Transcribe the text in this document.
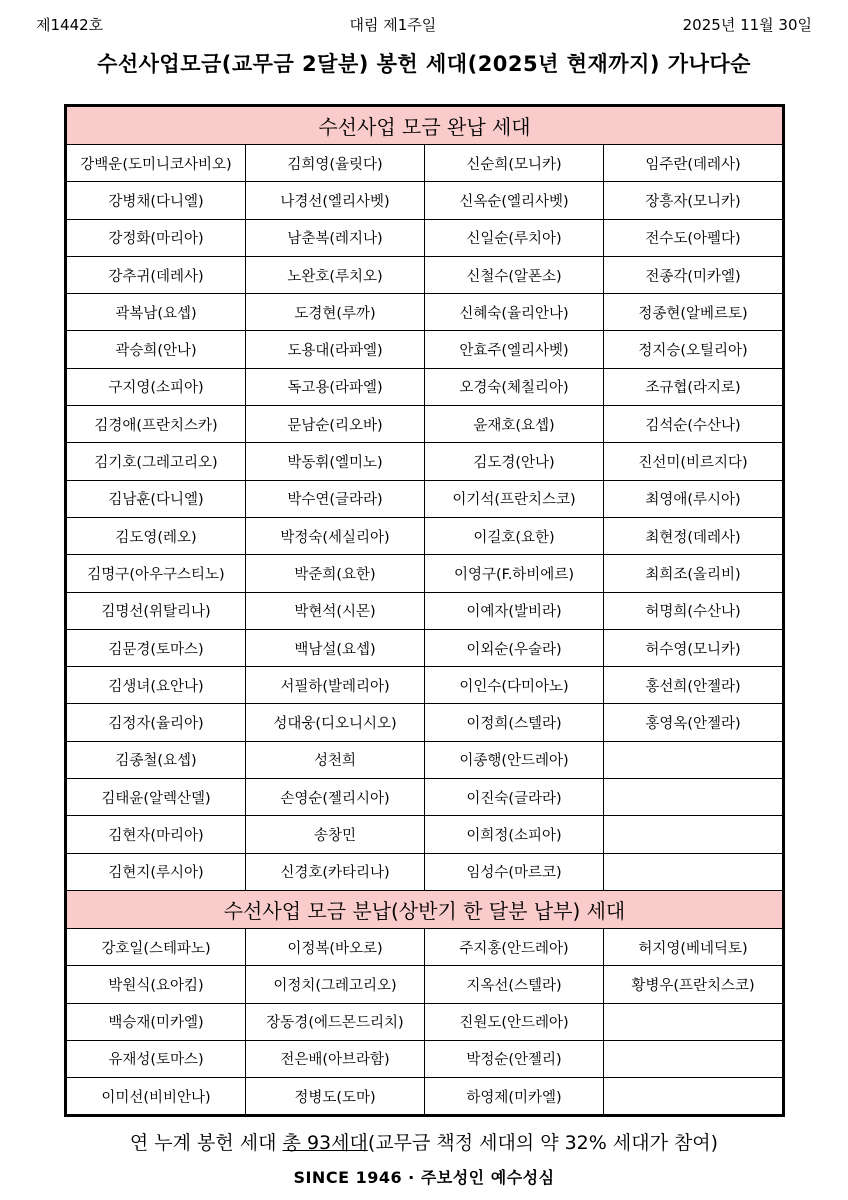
제1442호	대림 제1주일	2025년 11월 30일
수선사업모금(교무금 2달분) 봉헌 세대(2025년 현재까지) 가나다순
수선사업 모금 완납 세대			
강백운(도미니코사비오)	김희영(율릿다)	신순희(모니카)	임주란(데레사)
강병채(다니엘)	나경선(엘리사벳)	신옥순(엘리사벳)	장흥자(모니카)
강정화(마리아)	남춘복(레지나)	신일순(루치아)	전수도(아펠다)
강추귀(데레사)	노완호(루치오)	신철수(알폰소)	전종각(미카엘)
곽복남(요셉)	도경현(루까)	신혜숙(율리안나)	정종현(알베르토)
곽승희(안나)	도용대(라파엘)	안효주(엘리사벳)	정지승(오틸리아)
구지영(소피아)	독고용(라파엘)	오경숙(체칠리아)	조규협(라지로)
김경애(프란치스카)	문남순(리오바)	윤재호(요셉)	김석순(수산나)
김기호(그레고리오)	박동휘(엘미노)	김도경(안나)	진선미(비르지다)
김남훈(다니엘)	박수연(글라라)	이기석(프란치스코)	최영애(루시아)
김도영(레오)	박정숙(세실리아)	이길호(요한)	최현정(데레사)
김명구(아우구스티노)	박준희(요한)	이영구(F.하비에르)	최희조(올리비)
김명선(위탈리나)	박현석(시몬)	이예자(발비라)	허명희(수산나)
김문경(토마스)	백남설(요셉)	이외순(우술라)	허수영(모니카)
김생녀(요안나)	서필하(발레리아)	이인수(다미아노)	홍선희(안젤라)
김정자(율리아)	성대웅(디오니시오)	이정희(스텔라)	홍영옥(안젤라)
김종철(요셉)	성천희	이종행(안드레아)	
김태윤(알렉산델)	손영순(젤리시아)	이진숙(글라라)	
김현자(마리아)	송창민	이희정(소피아)	
김현지(루시아)	신경호(카타리나)	임성수(마르코)	
수선사업 모금 분납(상반기 한 달분 납부) 세대			
강호일(스테파노)	이정복(바오로)	주지홍(안드레아)	허지영(베네딕토)
박원식(요아킴)	이정치(그레고리오)	지옥선(스텔라)	황병우(프란치스코)
백승재(미카엘)	장동경(에드몬드리치)	진원도(안드레아)	
유재성(토마스)	전은배(아브라함)	박정순(안젤리)	
이미선(비비안나)	정병도(도마)	하영제(미카엘)	
연 누계 봉헌 세대 총 93세대(교무금 책정 세대의 약 32% 세대가 참여)
SINCE 1946 · 주보성인 예수성심
